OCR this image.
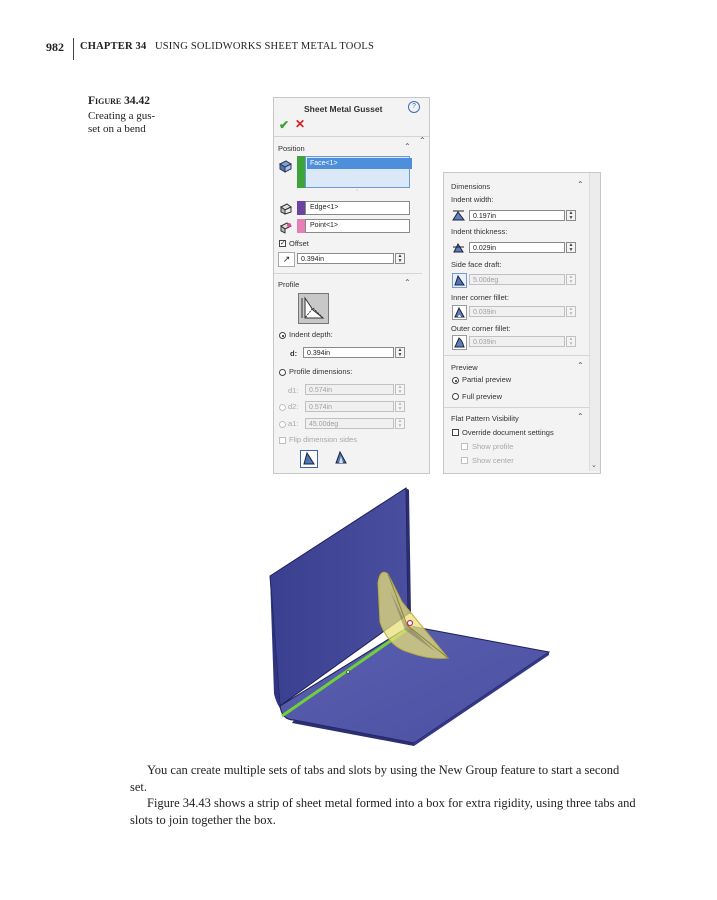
982 CHAPTER 34 USING SOLIDWORKS SHEET METAL TOOLS
Figure 34.42
Creating a gus- set on a bend
Sheet Metal Gusset	?
✔ ✕
Position	⌃
⌃
Face<1>
◦
Edge<1>
Point<1>
✓ Offset
↗	0.394in	▲
▼
Profile	⌃
Indent depth:
d:	0.394in	▲
▼
Profile dimensions:
d1:	0.574in	▲
▼
d2:	0.574in	▲
▼
a1:	45.00deg	▲
▼
Flip dimension sides
⌄
Dimensions	⌃
Indent width:
0.197in	▲
▼
Indent thickness:
0.029in	▲
▼
Side face draft:
5.00deg	▲
▼
Inner corner fillet:
0.039in	▲
▼
Outer corner fillet:
0.039in	▲
▼
Preview	⌃
Partial preview
Full preview
Flat Pattern Visibility	⌃
Override document settings
Show profile
Show center
You can create multiple sets of tabs and slots by using the New Group feature to start a second set.
Figure 34.43 shows a strip of sheet metal formed into a box for extra rigidity, using three tabs and slots to join together the box.
